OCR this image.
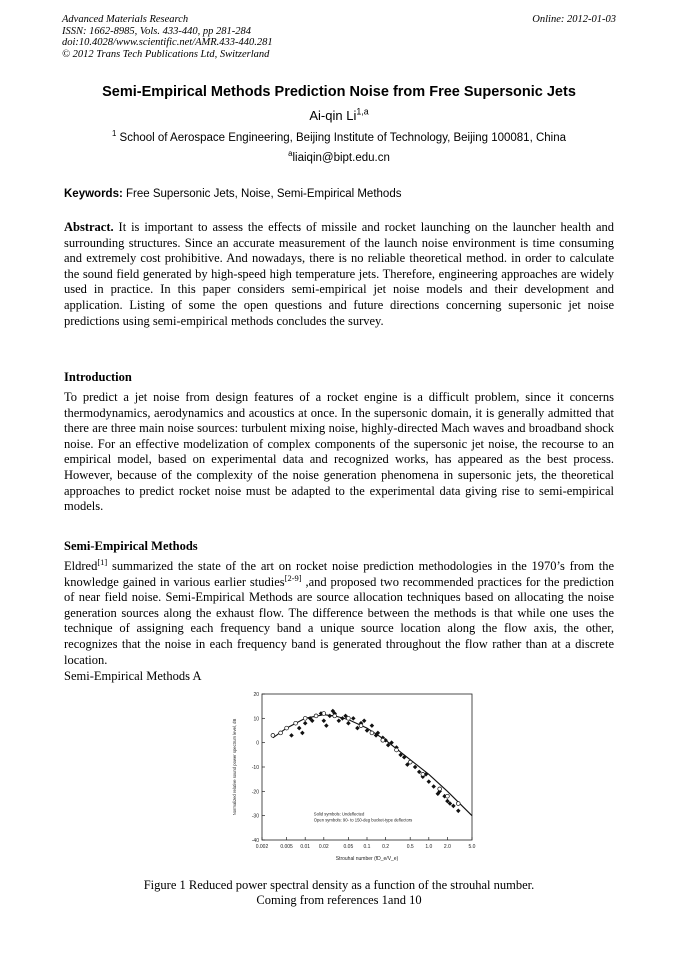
Advanced Materials Research
ISSN: 1662-8985, Vols. 433-440, pp 281-284
doi:10.4028/www.scientific.net/AMR.433-440.281
© 2012 Trans Tech Publications Ltd, Switzerland
Online: 2012-01-03
Semi-Empirical Methods Prediction Noise from Free Supersonic Jets
Ai-qin Li$^{1,a}$
$^1$ School of Aerospace Engineering, Beijing Institute of Technology, Beijing 100081, China
$^a$liaiqin@bipt.edu.cn
Keywords: Free Supersonic Jets, Noise, Semi-Empirical Methods
Abstract. It is important to assess the effects of missile and rocket launching on the launcher health and surrounding structures. Since an accurate measurement of the launch noise environment is time consuming and extremely cost prohibitive. And nowadays, there is no reliable theoretical method. in order to calculate the sound field generated by high-speed high temperature jets. Therefore, engineering approaches are widely used in practice. In this paper considers semi-empirical jet noise models and their development and application. Listing of some the open questions and future directions concerning supersonic jet noise predictions using semi-empirical methods concludes the survey.
Introduction
To predict a jet noise from design features of a rocket engine is a difficult problem, since it concerns thermodynamics, aerodynamics and acoustics at once. In the supersonic domain, it is generally admitted that there are three main noise sources: turbulent mixing noise, highly-directed Mach waves and broadband shock noise. For an effective modelization of complex components of the supersonic jet noise, the recourse to an empirical model, based on experimental data and recognized works, has appeared as the best process. However, because of the complexity of the noise generation phenomena in supersonic jets, the theoretical approaches to predict rocket noise must be adapted to the experimental data giving rise to semi-empirical models.
Semi-Empirical Methods
Eldred[1] summarized the state of the art on rocket noise prediction methodologies in the 1970’s from the knowledge gained in various earlier studies[2-9] ,and proposed two recommended practices for the prediction of near field noise. Semi-Empirical Methods are source allocation techniques based on allocating the noise generation sources along the exhaust flow. The difference between the methods is that while one uses the technique of assigning each frequency band a unique source location along the flow axis, the other, recognizes that the noise in each frequency band is generated throughout the flow rather than at a discrete location.
Semi-Empirical Methods A
0.002 0.005 0.01 0.02	0.05 0.1 0.2	0.5 1.0 2.0	5.0
20
10
0
-10
-20
-30
-40
Strouhal number (fD_e/V_e)
Normalized relative sound power spectrum level, dB	Solid symbols: Undeflected
Open symbols: 90- to 150-deg bucket-type deflectors
Figure 1 Reduced power spectral density as a function of the strouhal number.
Coming from references 1and 10
